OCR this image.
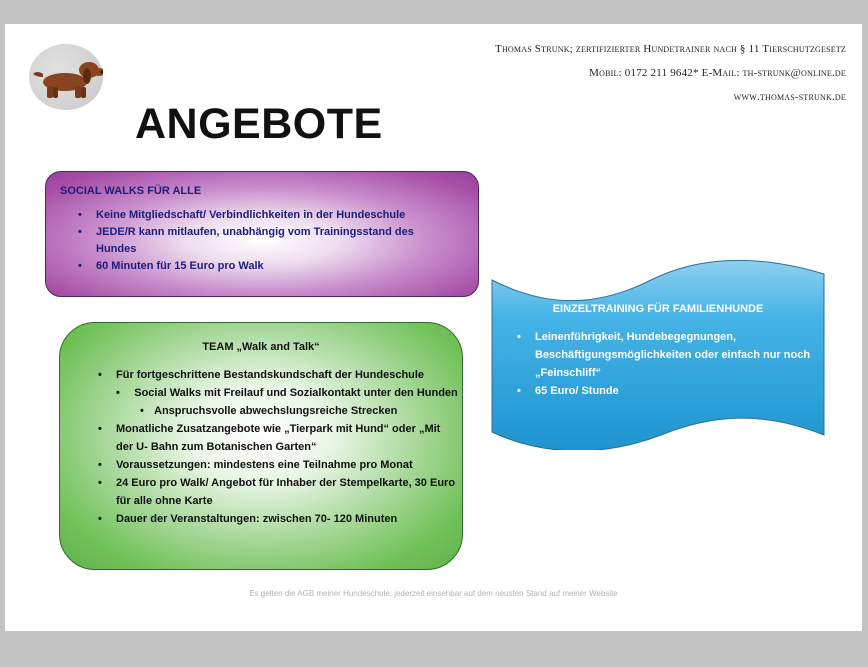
Thomas Strunk; zertifizierter Hundetrainer nach § 11 Tierschutzgesetz
Mobil: 0172 211 9642* E-Mail: th-strunk@online.de
www.thomas-strunk.de
ANGEBOTE
SOCIAL WALKS FÜR ALLE
• Keine Mitgliedschaft/ Verbindlichkeiten in der Hundeschule
• JEDE/R kann mitlaufen, unabhängig vom Trainingsstand des Hundes
• 60 Minuten für 15 Euro pro Walk
TEAM „Walk and Talk“
• Für fortgeschrittene Bestandskundschaft der Hundeschule
• Social Walks mit Freilauf und Sozialkontakt unter den Hunden
• Anspruchsvolle abwechslungsreiche Strecken
• Monatliche Zusatzangebote wie „Tierpark mit Hund“ oder „Mit der U- Bahn zum Botanischen Garten“
• Voraussetzungen: mindestens eine Teilnahme pro Monat
• 24 Euro pro Walk/ Angebot für Inhaber der Stempelkarte, 30 Euro für alle ohne Karte
• Dauer der Veranstaltungen: zwischen 70- 120 Minuten
EINZELTRAINING FÜR FAMILIENHUNDE
• Leinenführigkeit, Hundebegegnungen, Beschäftigungsmöglichkeiten oder einfach nur noch „Feinschliff“
• 65 Euro/ Stunde
Es gelten die AGB meiner Hundeschule; jederzeit einsehbar auf dem neusten Stand auf meiner Website
